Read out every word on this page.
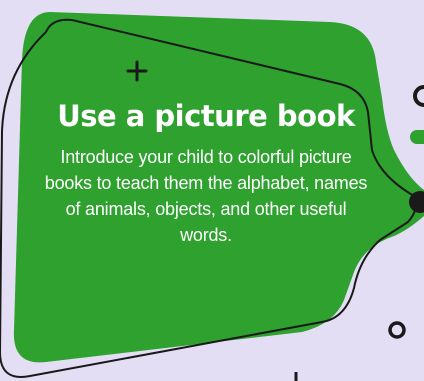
Use a picture book

Introduce your child to colorful picture books to teach them the alphabet, names of animals, objects, and other useful words.
